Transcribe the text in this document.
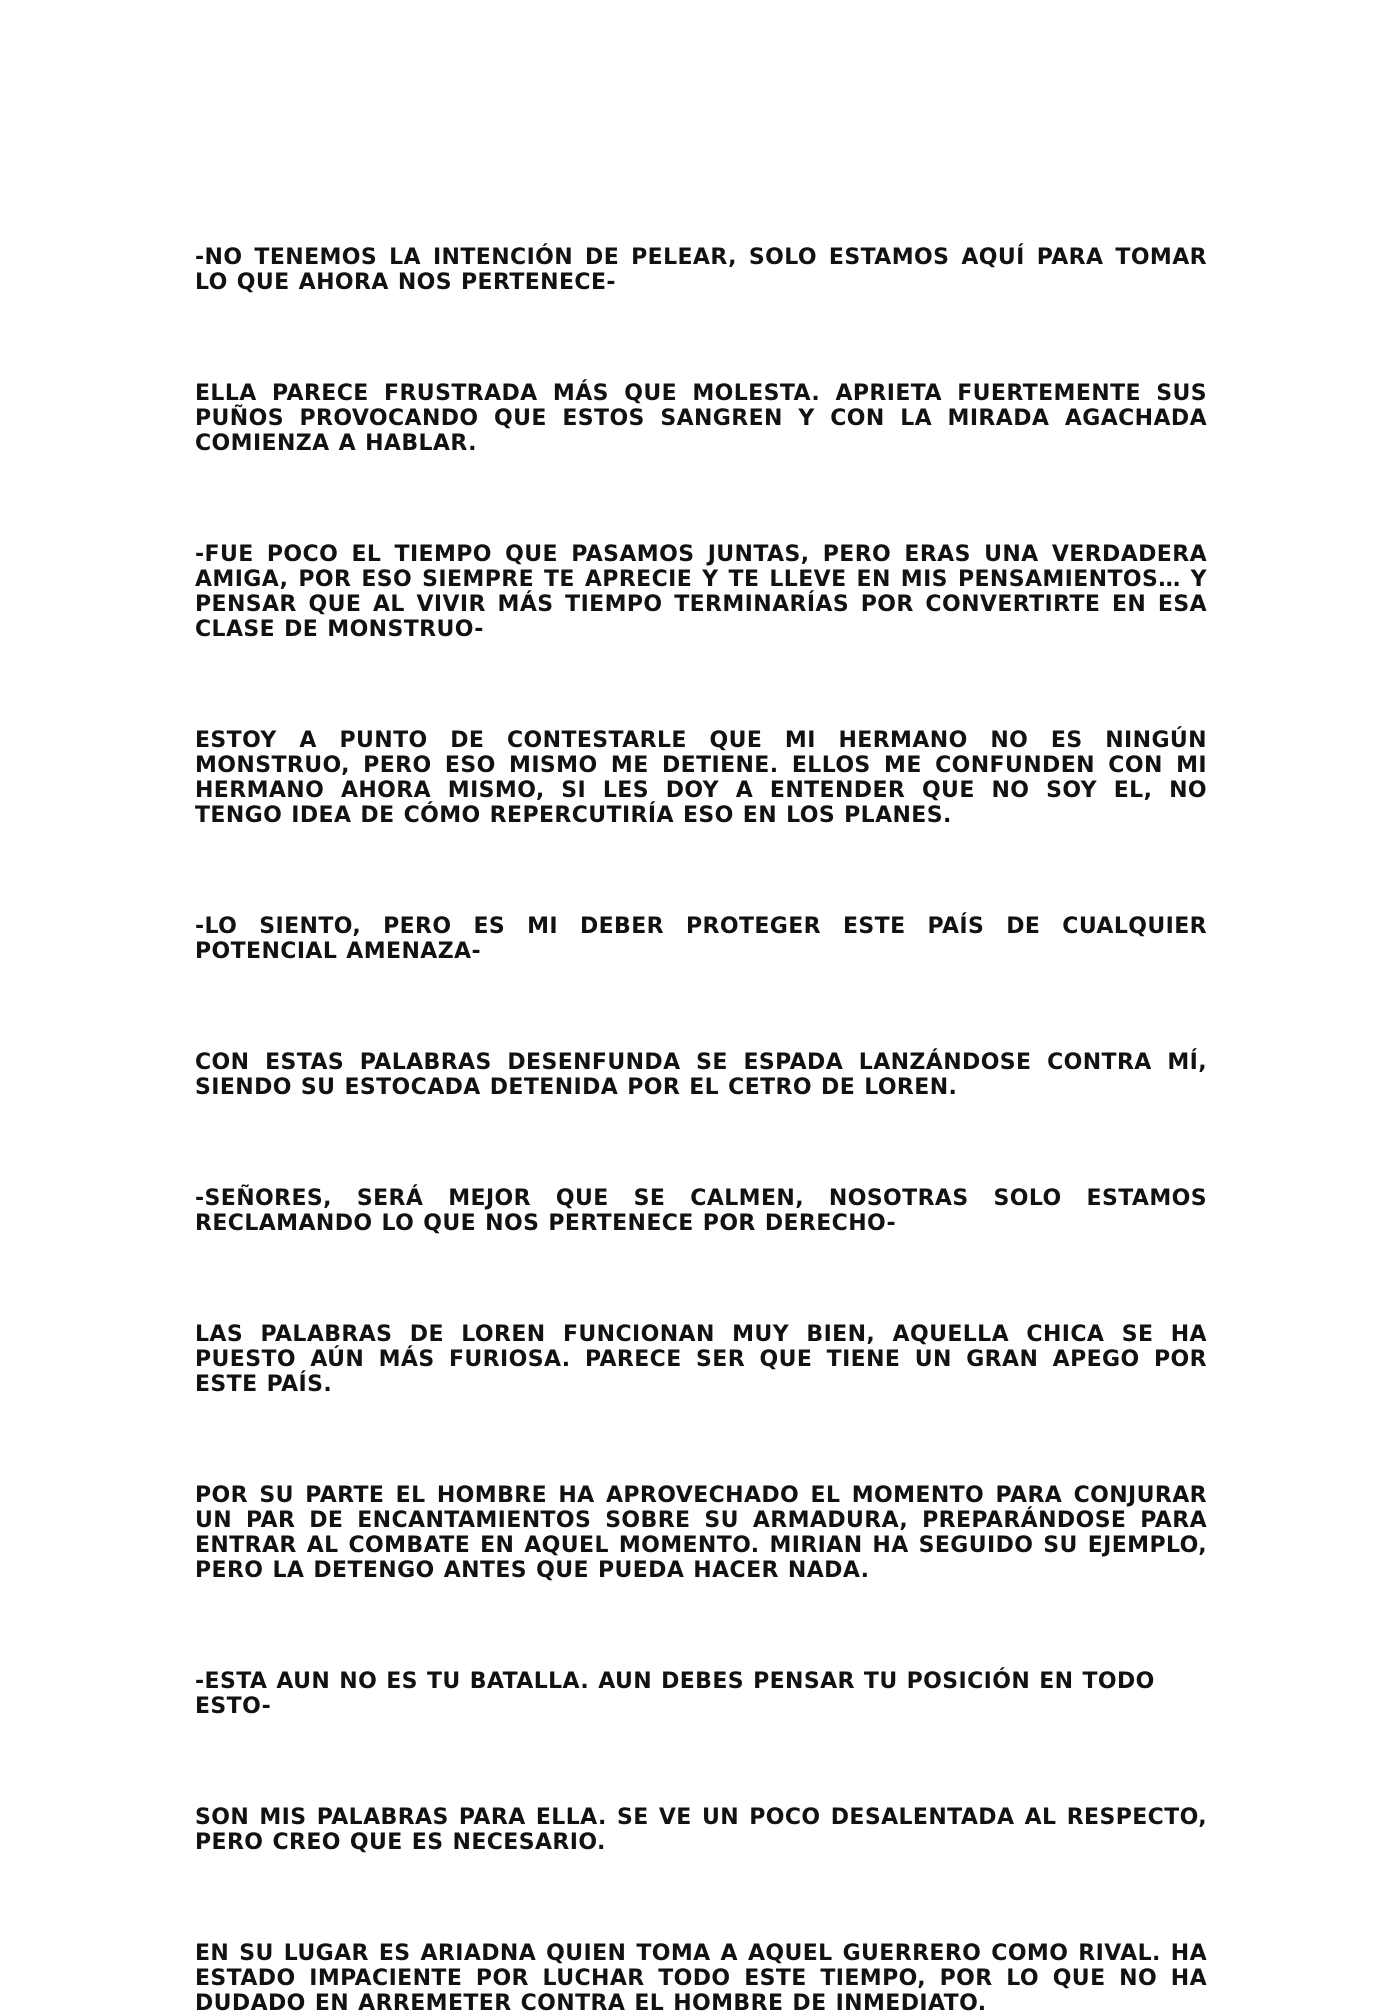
-NO TENEMOS LA INTENCIÓN DE PELEAR, SOLO ESTAMOS AQUÍ PARA TOMAR LO QUE AHORA NOS PERTENECE-

ELLA PARECE FRUSTRADA MÁS QUE MOLESTA. APRIETA FUERTEMENTE SUS PUÑOS PROVOCANDO QUE ESTOS SANGREN Y CON LA MIRADA AGACHADA COMIENZA A HABLAR.

-FUE POCO EL TIEMPO QUE PASAMOS JUNTAS, PERO ERAS UNA VERDADERA AMIGA, POR ESO SIEMPRE TE APRECIE Y TE LLEVE EN MIS PENSAMIENTOS… Y PENSAR QUE AL VIVIR MÁS TIEMPO TERMINARÍAS POR CONVERTIRTE EN ESA CLASE DE MONSTRUO-

ESTOY A PUNTO DE CONTESTARLE QUE MI HERMANO NO ES NINGÚN MONSTRUO, PERO ESO MISMO ME DETIENE. ELLOS ME CONFUNDEN CON MI HERMANO AHORA MISMO, SI LES DOY A ENTENDER QUE NO SOY EL, NO TENGO IDEA DE CÓMO REPERCUTIRÍA ESO EN LOS PLANES.

-LO SIENTO, PERO ES MI DEBER PROTEGER ESTE PAÍS DE CUALQUIER POTENCIAL AMENAZA-

CON ESTAS PALABRAS DESENFUNDA SE ESPADA LANZÁNDOSE CONTRA MÍ, SIENDO SU ESTOCADA DETENIDA POR EL CETRO DE LOREN.

-SEÑORES, SERÁ MEJOR QUE SE CALMEN, NOSOTRAS SOLO ESTAMOS RECLAMANDO LO QUE NOS PERTENECE POR DERECHO-

LAS PALABRAS DE LOREN FUNCIONAN MUY BIEN, AQUELLA CHICA SE HA PUESTO AÚN MÁS FURIOSA. PARECE SER QUE TIENE UN GRAN APEGO POR ESTE PAÍS.

POR SU PARTE EL HOMBRE HA APROVECHADO EL MOMENTO PARA CONJURAR UN PAR DE ENCANTAMIENTOS SOBRE SU ARMADURA, PREPARÁNDOSE PARA ENTRAR AL COMBATE EN AQUEL MOMENTO. MIRIAN HA SEGUIDO SU EJEMPLO, PERO LA DETENGO ANTES QUE PUEDA HACER NADA.

-ESTA AUN NO ES TU BATALLA. AUN DEBES PENSAR TU POSICIÓN EN TODO ESTO-

SON MIS PALABRAS PARA ELLA. SE VE UN POCO DESALENTADA AL RESPECTO, PERO CREO QUE ES NECESARIO.

EN SU LUGAR ES ARIADNA QUIEN TOMA A AQUEL GUERRERO COMO RIVAL. HA ESTADO IMPACIENTE POR LUCHAR TODO ESTE TIEMPO, POR LO QUE NO HA DUDADO EN ARREMETER CONTRA EL HOMBRE DE INMEDIATO.
